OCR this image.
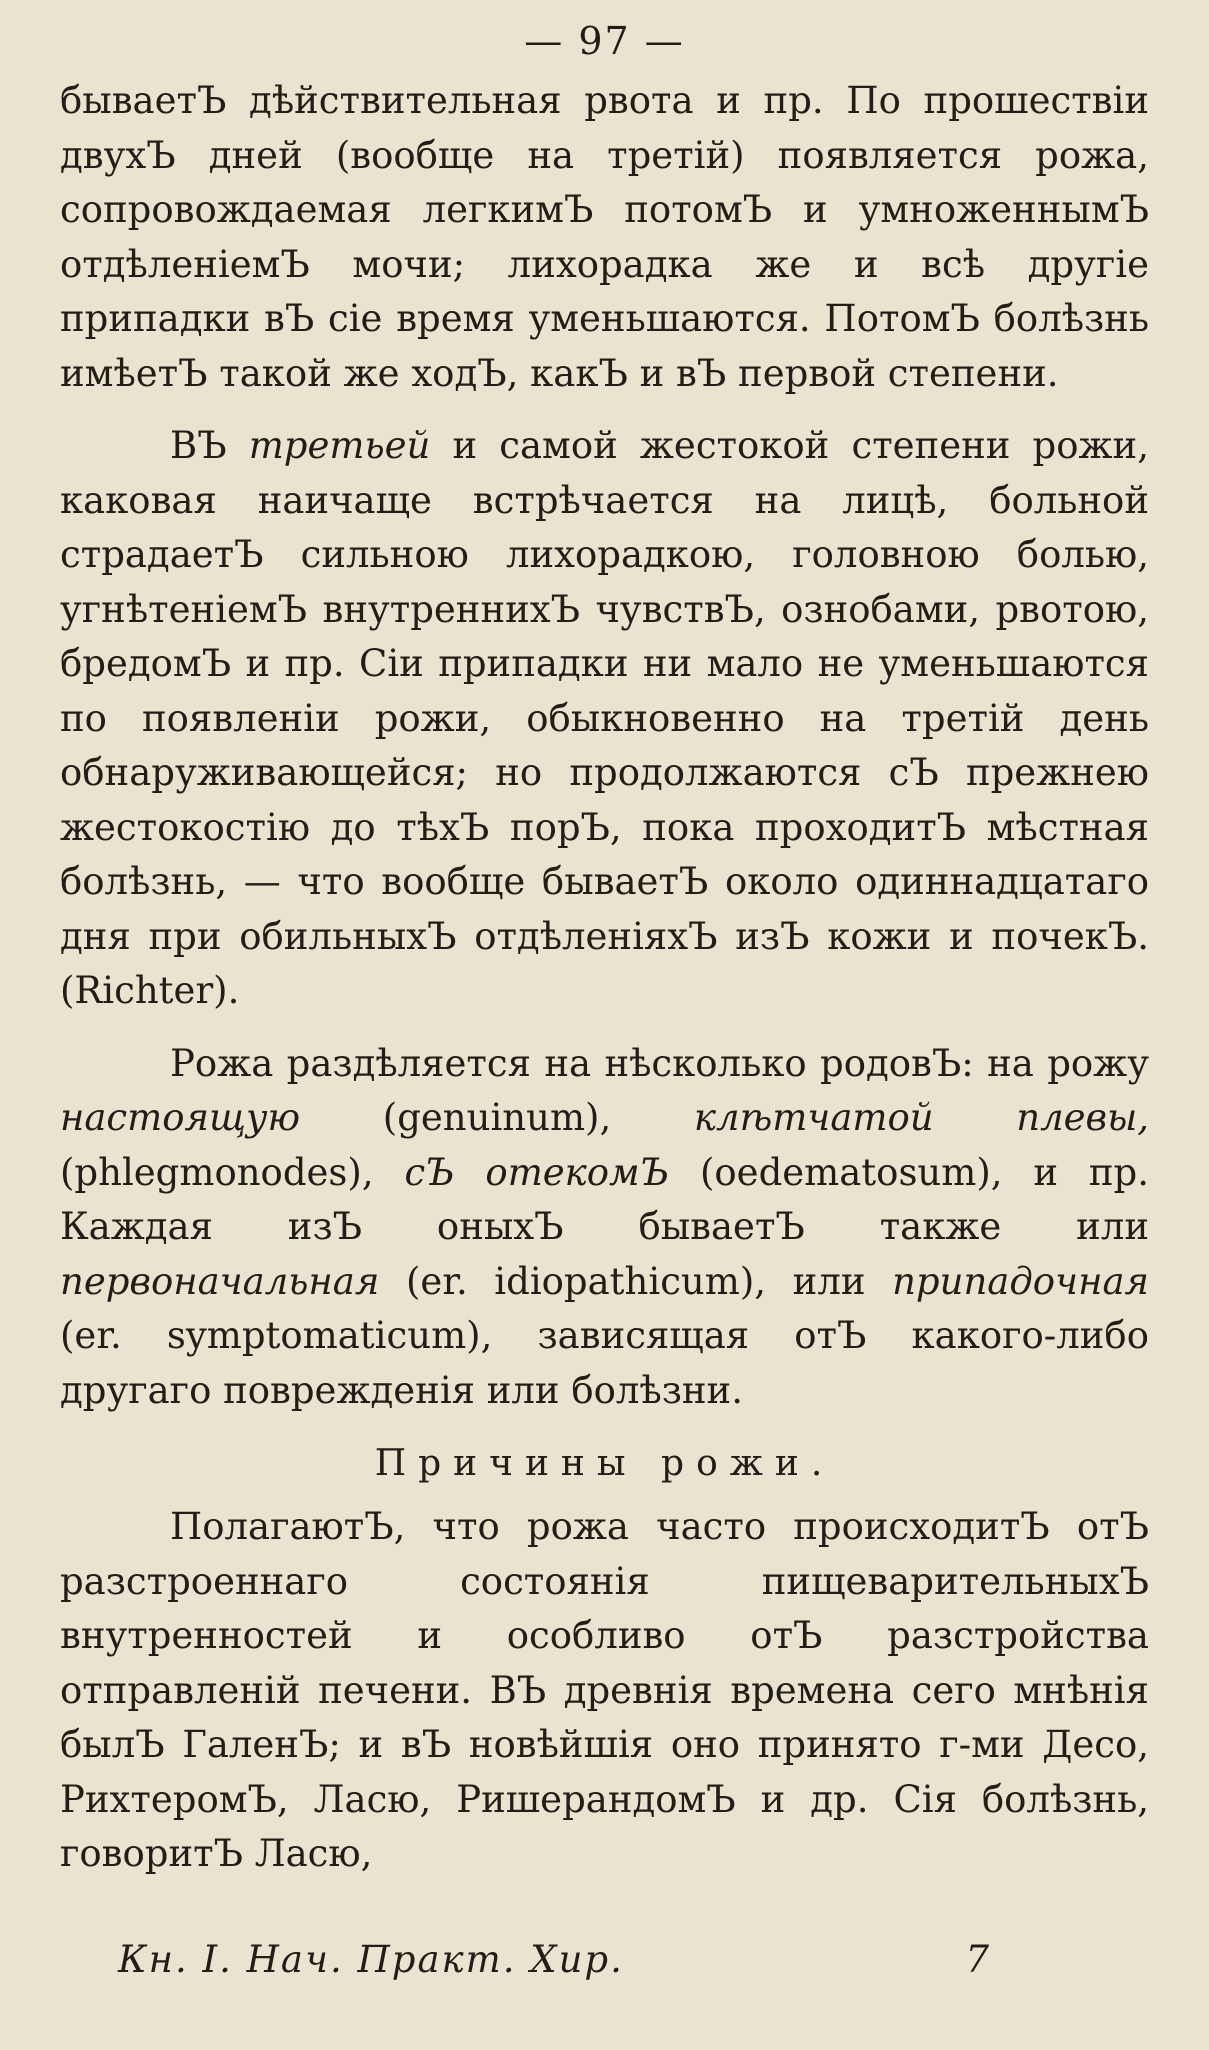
— 97 —

бываетЪ дѣйствительная рвота и пр. По прошествіи двухЪ дней (вообще на третій) появляется рожа, сопровождаемая легкимЪ потомЪ и умноженнымЪ отдѣленіемЪ мочи; лихорадка же и всѣ другіе припадки вЪ сіе время уменьшаются. ПотомЪ болѣзнь имѣетЪ такой же ходЪ, какЪ и вЪ первой степени.

ВЪ третьей и самой жестокой степени рожи, каковая наичаще встрѣчается на лицѣ, больной страдаетЪ сильною лихорадкою, головною болью, угнѣтеніемЪ внутреннихЪ чувствЪ, ознобами, рвотою, бредомЪ и пр. Сіи припадки ни мало не уменьшаются по появленіи рожи, обыкновенно на третій день обнаруживающейся; но продолжаются сЪ прежнею жестокостію до тѣхЪ порЪ, пока проходитЪ мѣстная болѣзнь, — что вообще бываетЪ около одиннадцатаго дня при обильныхЪ отдѣленіяхЪ изЪ кожи и почекЪ. (Richter).

Рожа раздѣляется на нѣсколько родовЪ: на рожу настоящую (genuinum), клѣтчатой плевы, (phlegmonodes), сЪ отекомЪ (oedematosum), и пр. Каждая изЪ оныхЪ бываетЪ также или первоначальная (er. idiopathicum), или припадочная (er. symptomaticum), зависящая отЪ какого-либо другаго поврежденія или болѣзни.

Причины рожи.

ПолагаютЪ, что рожа часто происходитЪ отЪ разстроеннаго состоянія пищеварительныхЪ внутренностей и особливо отЪ разстройства отправленій печени. ВЪ древнія времена сего мнѣнія былЪ ГаленЪ; и вЪ новѣйшія оно принято г-ми Десо, РихтеромЪ, Ласю, РишерандомЪ и др. Сія болѣзнь, говоритЪ Ласю,

Кн. I. Нач. Практ. Хир.	7
